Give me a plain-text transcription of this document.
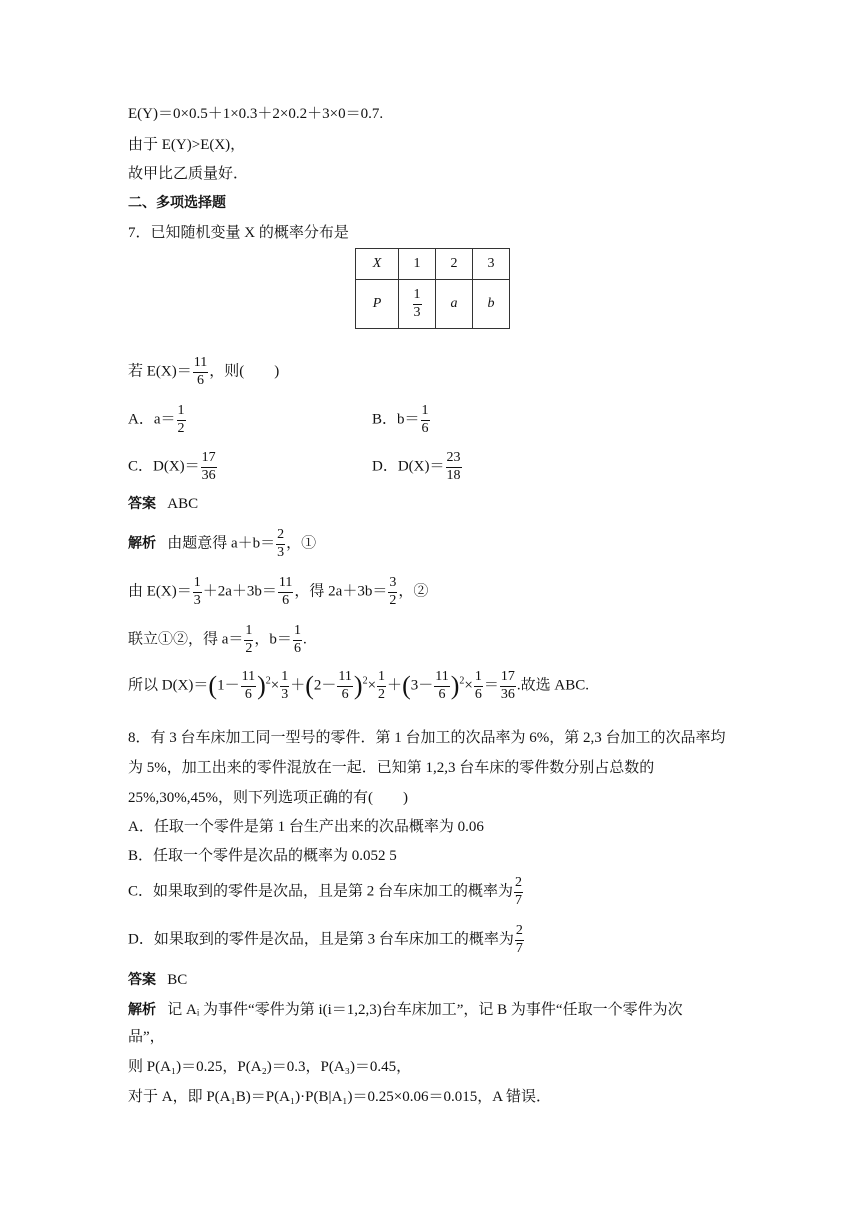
E(Y)＝0×0.5＋1×0.3＋2×0.2＋3×0＝0.7.
由于 E(Y)>E(X)，
故甲比乙质量好．
二、多项选择题
7．已知随机变量 X 的概率分布是
X	1	2	3
P	$\frac{1}{3}$	a	b
若 $E(X)= \frac{11}{6}$ ，则(　　)
A．$a= \frac{1}{2}$	B．$b= \frac{1}{6}$
C．$D(X)= \frac{17}{36}$	D．$D(X)= \frac{23}{18}$
答案 ABC
解析 由题意得 $a+b= \frac{2}{3}$ ，①
由 $E(X)= \frac{1}{3} +2a+3b= \frac{11}{6}$ ，得 $2a+3b= \frac{3}{2}$ ，②
联立①②，得 $a= \frac{1}{2}$ ，$b= \frac{1}{6}$ .
所以 $D(X)=(1- \frac{11}{6} )^2\times \frac{1}{3} +(2- \frac{11}{6} )^2\times \frac{1}{2} +(3- \frac{11}{6} )^2\times \frac{1}{6} = \frac{17}{36}$ .故选 ABC.
8．有 3 台车床加工同一型号的零件．第 1 台加工的次品率为 6%，第 2,3 台加工的次品率均
为 5%，加工出来的零件混放在一起．已知第 1,2,3 台车床的零件数分别占总数的
25%,30%,45%，则下列选项正确的有(　　)
A．任取一个零件是第 1 台生产出来的次品概率为 0.06
B．任取一个零件是次品的概率为 0.052 5
C．如果取到的零件是次品，且是第 2 台车床加工的概率为 $\frac{2}{7}$
D．如果取到的零件是次品，且是第 3 台车床加工的概率为 $\frac{2}{7}$
答案 BC
解析 记 Aᵢ 为事件“零件为第 i(i＝1,2,3)台车床加工”，记 B 为事件“任取一个零件为次
品”，
则 P(A₁)＝0.25，P(A₂)＝0.3，P(A₃)＝0.45，
对于 A，即 P(A₁B)＝P(A₁)·P(B|A₁)＝0.25×0.06＝0.015，A 错误．
